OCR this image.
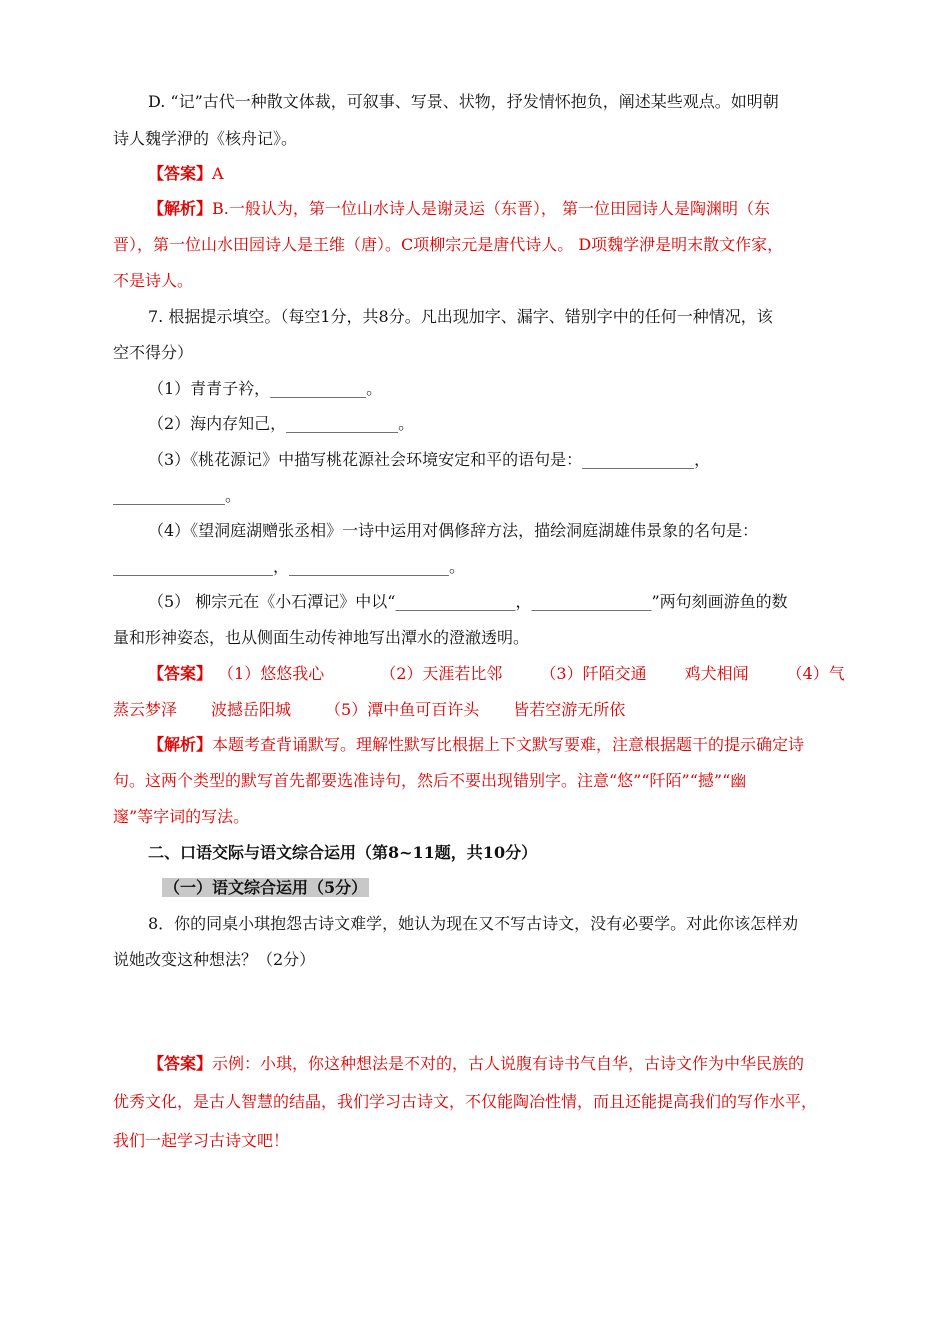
D. “记”古代一种散文体裁，可叙事、写景、状物，抒发情怀抱负，阐述某些观点。如明朝
诗人魏学洢的《核舟记》。
【答案】A
【解析】B.一般认为，第一位山水诗人是谢灵运（东晋）， 第一位田园诗人是陶渊明（东
晋），第一位山水田园诗人是王维（唐）。C项柳宗元是唐代诗人。 D项魏学洢是明末散文作家，
不是诗人。
7. 根据提示填空。（每空1分，共8分。凡出现加字、漏字、错别字中的任何一种情况，该
空不得分）
（1）青青子衿，____________。
（2）海内存知己，______________。
（3）《桃花源记》中描写桃花源社会环境安定和平的语句是：______________，
______________。
（4）《望洞庭湖赠张丞相》一诗中运用对偶修辞方法，描绘洞庭湖雄伟景象的名句是：
____________________，____________________。
（5） 柳宗元在《小石潭记》中以“_______________，_______________”两句刻画游鱼的数
量和形神姿态，也从侧面生动传神地写出潭水的澄澈透明。
【答案】 （1）悠悠我心	（2）天涯若比邻 （3）阡陌交通 鸡犬相闻 （4）气
蒸云梦泽 波撼岳阳城 （5）潭中鱼可百许头 皆若空游无所依
【解析】本题考查背诵默写。理解性默写比根据上下文默写要难，注意根据题干的提示确定诗
句。这两个类型的默写首先都要选准诗句，然后不要出现错别字。注意“悠”“阡陌”“撼”“幽
邃”等字词的写法。
二、口语交际与语文综合运用（第8~11题，共10分）
（一）语文综合运用（5分）
8．你的同桌小琪抱怨古诗文难学，她认为现在又不写古诗文，没有必要学。对此你该怎样劝
说她改变这种想法？（2分）
【答案】示例：小琪，你这种想法是不对的，古人说腹有诗书气自华，古诗文作为中华民族的
优秀文化，是古人智慧的结晶，我们学习古诗文，不仅能陶冶性情，而且还能提高我们的写作水平，
我们一起学习古诗文吧！
